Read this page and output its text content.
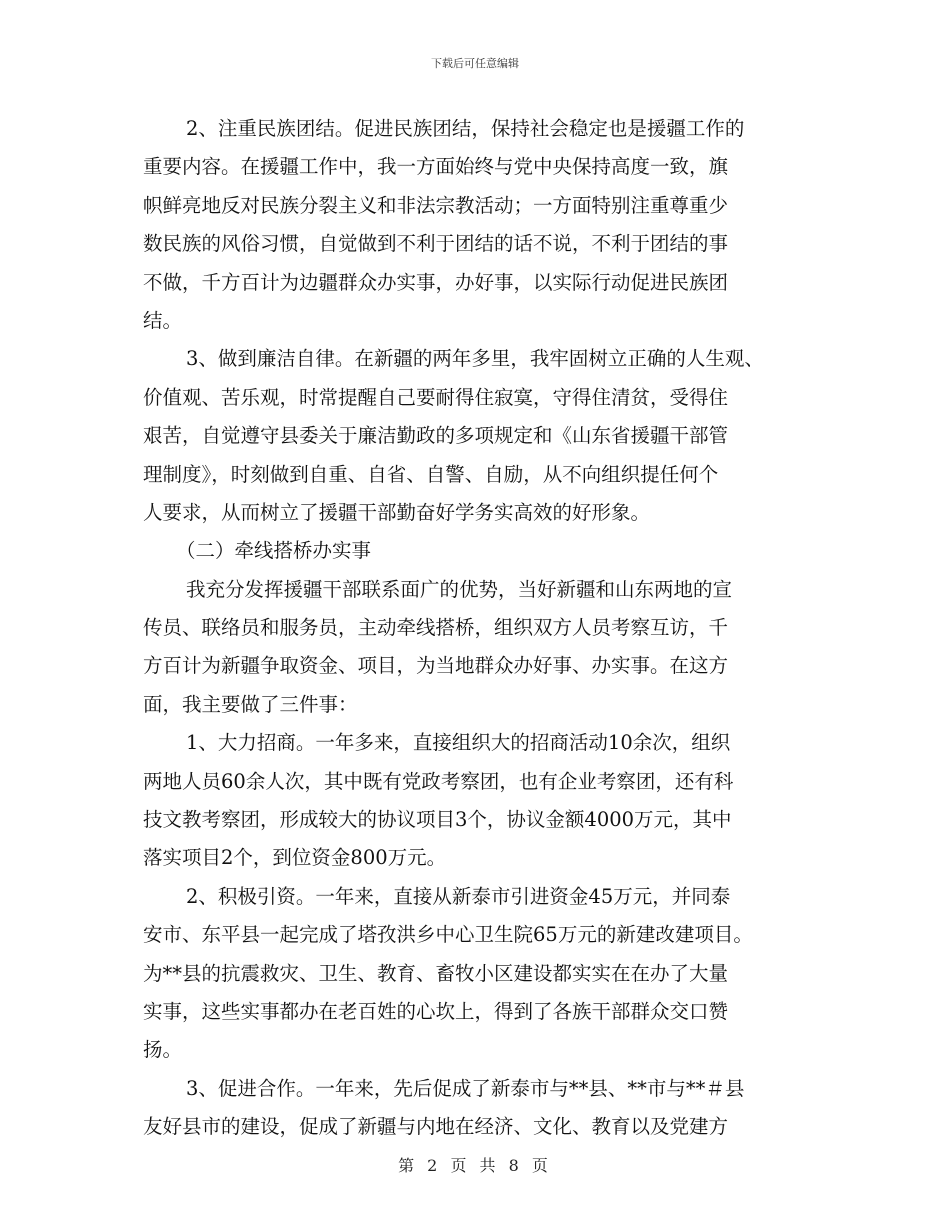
下载后可任意编辑
2、注重民族团结。促进民族团结，保持社会稳定也是援疆工作的
重要内容。在援疆工作中，我一方面始终与党中央保持高度一致，旗
帜鲜亮地反对民族分裂主义和非法宗教活动；一方面特别注重尊重少
数民族的风俗习惯，自觉做到不利于团结的话不说，不利于团结的事
不做，千方百计为边疆群众办实事，办好事，以实际行动促进民族团
结。
3、做到廉洁自律。在新疆的两年多里，我牢固树立正确的人生观、
价值观、苦乐观，时常提醒自己要耐得住寂寞，守得住清贫，受得住
艰苦，自觉遵守县委关于廉洁勤政的多项规定和《山东省援疆干部管
理制度》，时刻做到自重、自省、自警、自励，从不向组织提任何个
人要求，从而树立了援疆干部勤奋好学务实高效的好形象。
（二）牵线搭桥办实事
我充分发挥援疆干部联系面广的优势，当好新疆和山东两地的宣
传员、联络员和服务员，主动牵线搭桥，组织双方人员考察互访，千
方百计为新疆争取资金、项目，为当地群众办好事、办实事。在这方
面，我主要做了三件事：
1、大力招商。一年多来，直接组织大的招商活动10余次，组织
两地人员60余人次，其中既有党政考察团，也有企业考察团，还有科
技文教考察团，形成较大的协议项目3个，协议金额4000万元，其中
落实项目2个，到位资金800万元。
2、积极引资。一年来，直接从新泰市引进资金45万元，并同泰
安市、东平县一起完成了塔孜洪乡中心卫生院65万元的新建改建项目。
为**县的抗震救灾、卫生、教育、畜牧小区建设都实实在在办了大量
实事，这些实事都办在老百姓的心坎上，得到了各族干部群众交口赞
扬。
3、促进合作。一年来，先后促成了新泰市与**县、**市与**＃县
友好县市的建设，促成了新疆与内地在经济、文化、教育以及党建方
第 2 页 共 8 页
